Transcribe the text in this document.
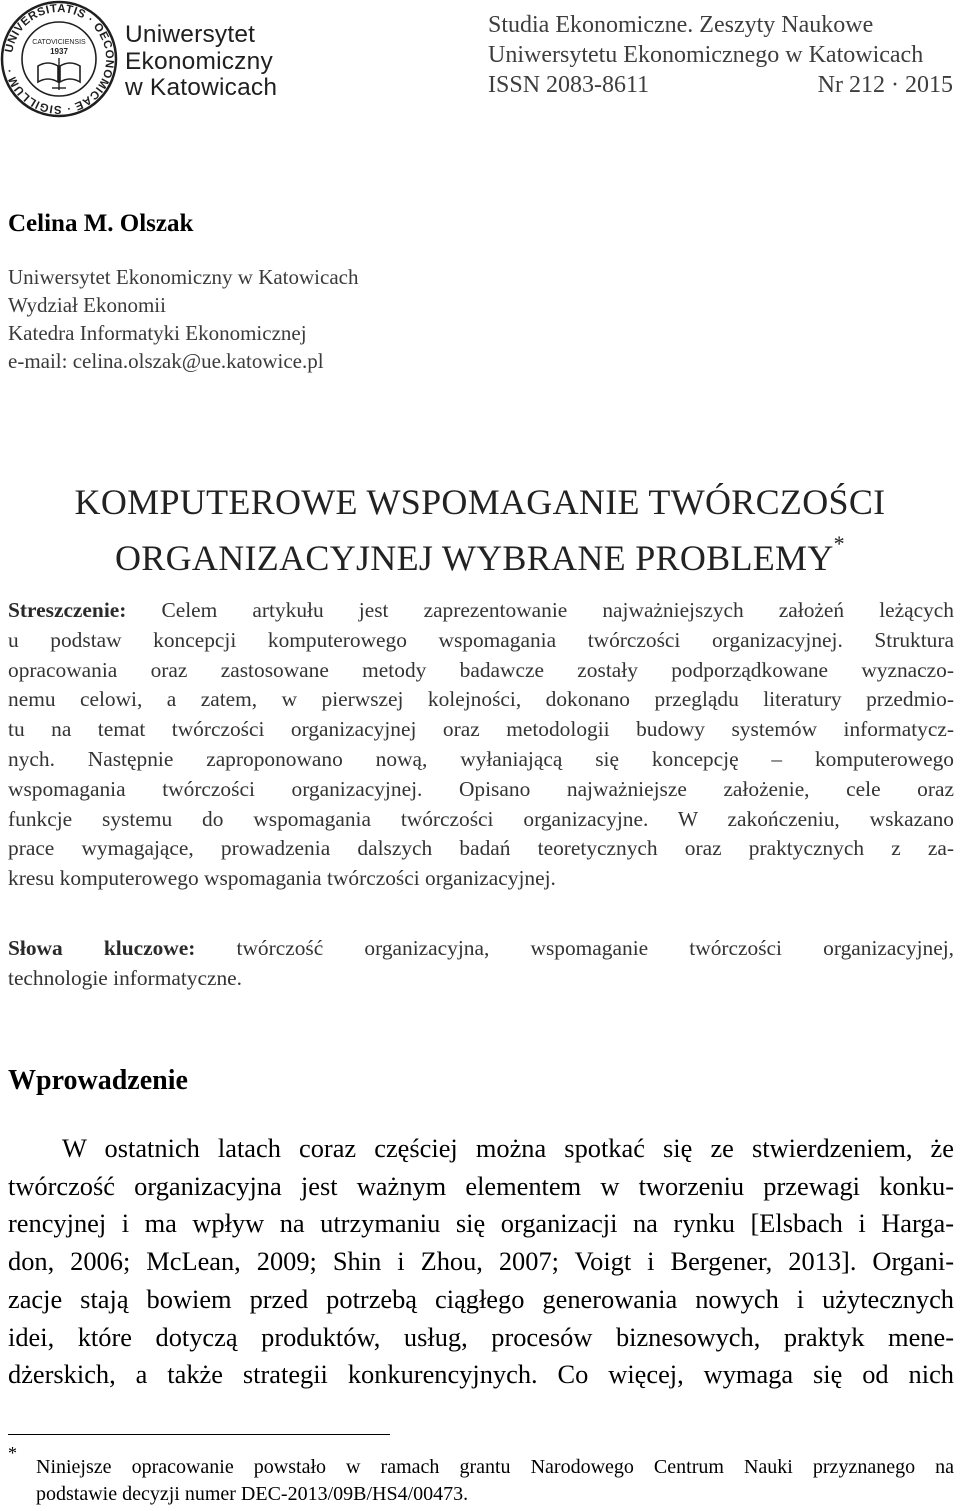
UNIVERSITATIS · OECONOMICAE · SIGILLUM ·
CATOVICIENSIS
1937
Uniwersytet
Ekonomiczny
w Katowicach
Studia Ekonomiczne. Zeszyty Naukowe
Uniwersytetu Ekonomicznego w Katowicach
ISSN 2083-8611	Nr 212 · 2015
Celina M. Olszak
Uniwersytet Ekonomiczny w Katowicach
Wydział Ekonomii
Katedra Informatyki Ekonomicznej
e-mail: celina.olszak@ue.katowice.pl
KOMPUTEROWE WSPOMAGANIE TWÓRCZOŚCI
ORGANIZACYJNEJ WYBRANE PROBLEMY*
Streszczenie: Celem artykułu jest zaprezentowanie najważniejszych założeń leżących
u podstaw koncepcji komputerowego wspomagania twórczości organizacyjnej. Struktura
opracowania oraz zastosowane metody badawcze zostały podporządkowane wyznaczo-
nemu celowi, a zatem, w pierwszej kolejności, dokonano przeglądu literatury przedmio-
tu na temat twórczości organizacyjnej oraz metodologii budowy systemów informatycz-
nych. Następnie zaproponowano nową, wyłaniającą się koncepcję – komputerowego
wspomagania twórczości organizacyjnej. Opisano najważniejsze założenie, cele oraz
funkcje systemu do wspomagania twórczości organizacyjne. W zakończeniu, wskazano
prace wymagające, prowadzenia dalszych badań teoretycznych oraz praktycznych z za-
kresu komputerowego wspomagania twórczości organizacyjnej.
Słowa kluczowe: twórczość organizacyjna, wspomaganie twórczości organizacyjnej,
technologie informatyczne.
Wprowadzenie
W ostatnich latach coraz częściej można spotkać się ze stwierdzeniem, że
twórczość organizacyjna jest ważnym elementem w tworzeniu przewagi konku-
rencyjnej i ma wpływ na utrzymaniu się organizacji na rynku [Elsbach i Harga-
don, 2006; McLean, 2009; Shin i Zhou, 2007; Voigt i Bergener, 2013]. Organi-
zacje stają bowiem przed potrzebą ciągłego generowania nowych i użytecznych
idei, które dotyczą produktów, usług, procesów biznesowych, praktyk mene-
dżerskich, a także strategii konkurencyjnych. Co więcej, wymaga się od nich
*
Niniejsze opracowanie powstało w ramach grantu Narodowego Centrum Nauki przyznanego na
podstawie decyzji numer DEC-2013/09B/HS4/00473.
